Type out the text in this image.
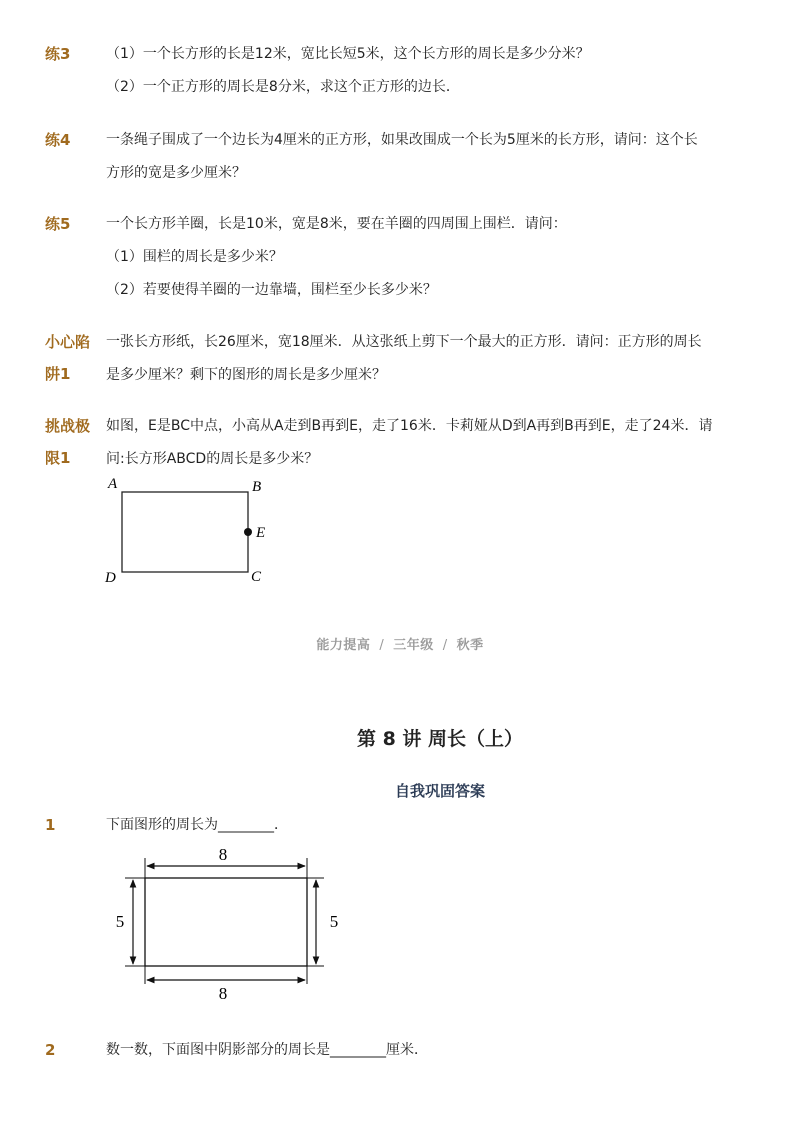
练3	（1）一个长方形的长是12米，宽比长短5米，这个长方形的周长是多少分米？
（2）一个正方形的周长是8分米，求这个正方形的边长．
练4	一条绳子围成了一个边长为4厘米的正方形，如果改围成一个长为5厘米的长方形，请问：这个长
方形的宽是多少厘米？
练5	一个长方形羊圈，长是10米，宽是8米，要在羊圈的四周围上围栏．请问：
（1）围栏的周长是多少米？
（2）若要使得羊圈的一边靠墙，围栏至少长多少米？
小心陷
阱1
一张长方形纸，长26厘米，宽18厘米．从这张纸上剪下一个最大的正方形．请问：正方形的周长
是多少厘米？剩下的图形的周长是多少厘米？
挑战极
限1
如图，E是BC中点，小高从A走到B再到E，走了16米．卡莉娅从D到A再到B再到E，走了24米．请
问:长方形ABCD的周长是多少米？
A	B
E
D	C
能力提高 / 三年级 / 秋季
第 8 讲 周长（上）
自我巩固答案
1	下面图形的周长为________．
8
8
5	5
2	数一数，下面图中阴影部分的周长是________厘米．
